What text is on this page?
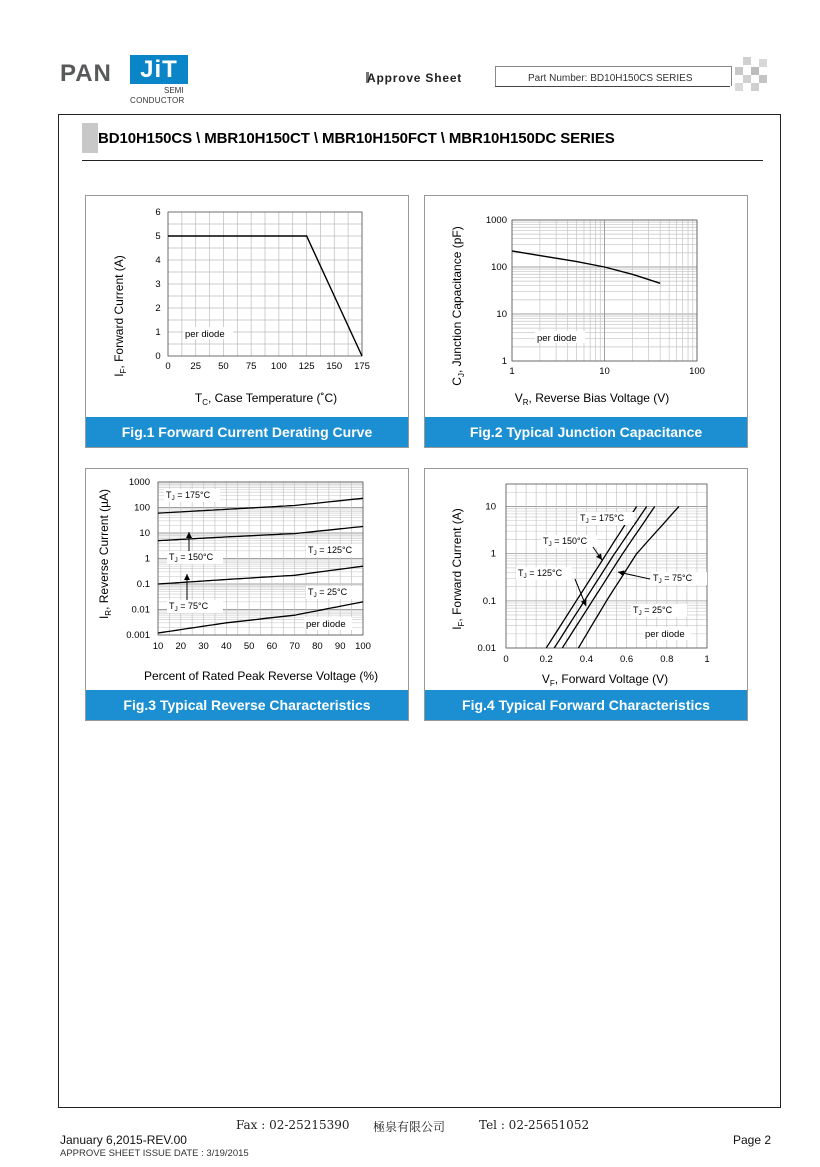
PAN	JiT
SEMI
CONDUCTOR
Approve Sheet	Part Number: BD10H150CS SERIES
BD10H150CS \ MBR10H150CT \ MBR10H150FCT \ MBR10H150DC SERIES
$I_F$, Forward Current (A)
$T_C$, Case Temperature (˚C)
0 25 50 75 100 125 150 175
0
1
2
3
4
5
6
per diode
Fig.1 Forward Current Derating Curve
$C_J$, Junction Capacitance (pF)
$V_R$, Reverse Bias Voltage (V)
1	10	100
1
10
100
1000
per diode
Fig.2 Typical Junction Capacitance
$I_R$, Reverse Current (µA)
Percent of Rated Peak Reverse Voltage (%)
10 20 30 40 50 60 70 80 90 100
0.001
0.01
0.1
1
10
100
1000
$T_J = 175^\circ C$
$T_J = 150^\circ C$
$T_J = 125^\circ C$
$T_J = 25^\circ C$
$T_J = 75^\circ C$
per diode
Fig.3 Typical Reverse Characteristics
$I_F$, Forward Current (A)
$V_F$, Forward Voltage (V)
0	0.2	0.4	0.6	0.8	1
0.01
0.1
1
10
$T_J = 175^\circ C$
$T_J = 150^\circ C$
$T_J = 125^\circ C$	$T_J = 75^\circ C$
$T_J = 25^\circ C$
per diode
Fig.4 Typical Forward Characteristics
Fax : 02-25215390 極泉有限公司	Tel : 02-25651052
January 6,2015-REV.00
APPROVE SHEET ISSUE DATE : 3/19/2015
Page 2
